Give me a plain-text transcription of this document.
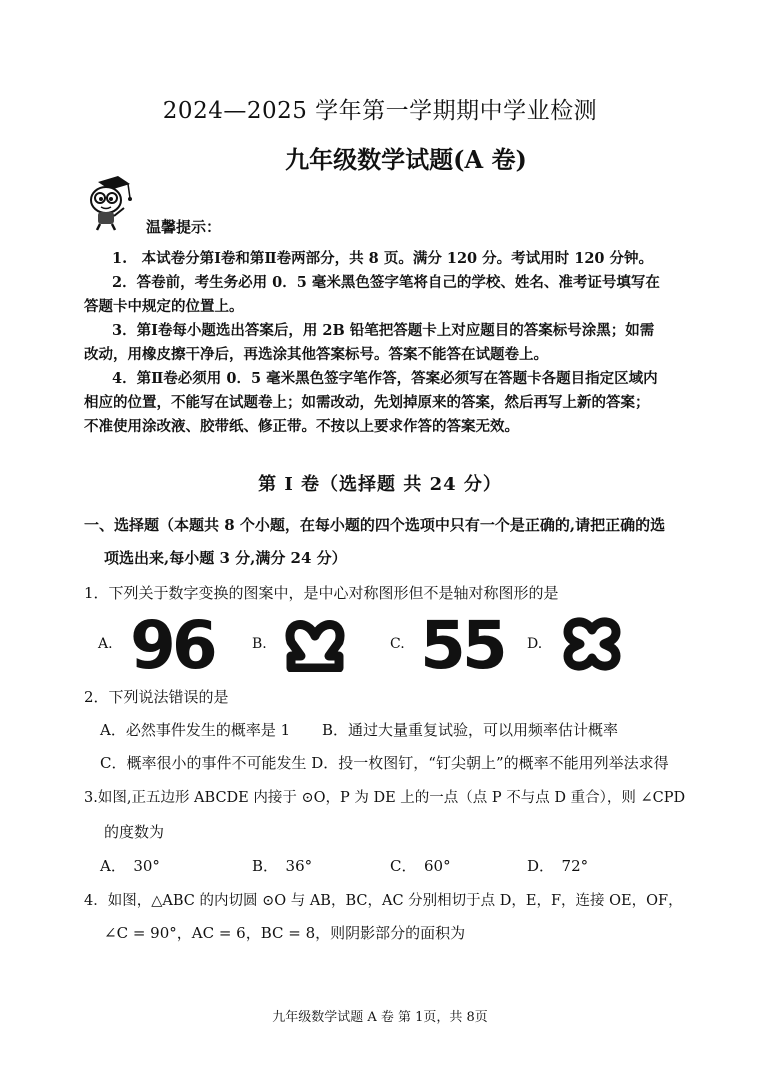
2024—2025 学年第一学期期中学业检测
九年级数学试题(A 卷)
温馨提示：
1.　本试卷分第Ⅰ卷和第Ⅱ卷两部分，共 8 页。满分 120 分。考试用时 120 分钟。
2．答卷前，考生务必用 0．5 毫米黑色签字笔将自己的学校、姓名、准考证号填写在
答题卡中规定的位置上。
3．第Ⅰ卷每小题选出答案后，用 2B 铅笔把答题卡上对应题目的答案标号涂黑；如需
改动，用橡皮擦干净后，再选涂其他答案标号。答案不能答在试题卷上。
4．第Ⅱ卷必须用 0．5 毫米黑色签字笔作答，答案必须写在答题卡各题目指定区域内
相应的位置，不能写在试题卷上；如需改动，先划掉原来的答案，然后再写上新的答案；
不准使用涂改液、胶带纸、修正带。不按以上要求作答的答案无效。
第 Ⅰ 卷（选择题 共 24 分）
一、选择题（本题共 8 个小题，在每小题的四个选项中只有一个是正确的,请把正确的选
项选出来,每小题 3 分,满分 24 分）
1．下列关于数字变换的图案中，是中心对称图形但不是轴对称图形的是
A. 96	B.	C. 55 D.
2．下列说法错误的是
A．必然事件发生的概率是 1 B．通过大量重复试验，可以用频率估计概率
C．概率很小的事件不可能发生 D．投一枚图钉，“钉尖朝上”的概率不能用列举法求得
3.如图,正五边形 ABCDE 内接于 ⊙O，P 为 DE 上的一点（点 P 不与点 D 重合），则 ∠CPD
的度数为
A．　30°	B．　36°	C．　60°	D．　72°
4．如图，△ABC 的内切圆 ⊙O 与 AB，BC，AC 分别相切于点 D，E，F，连接 OE，OF，
∠C = 90°，AC = 6，BC = 8，则阴影部分的面积为
九年级数学试题 A 卷 第 1页，共 8页
